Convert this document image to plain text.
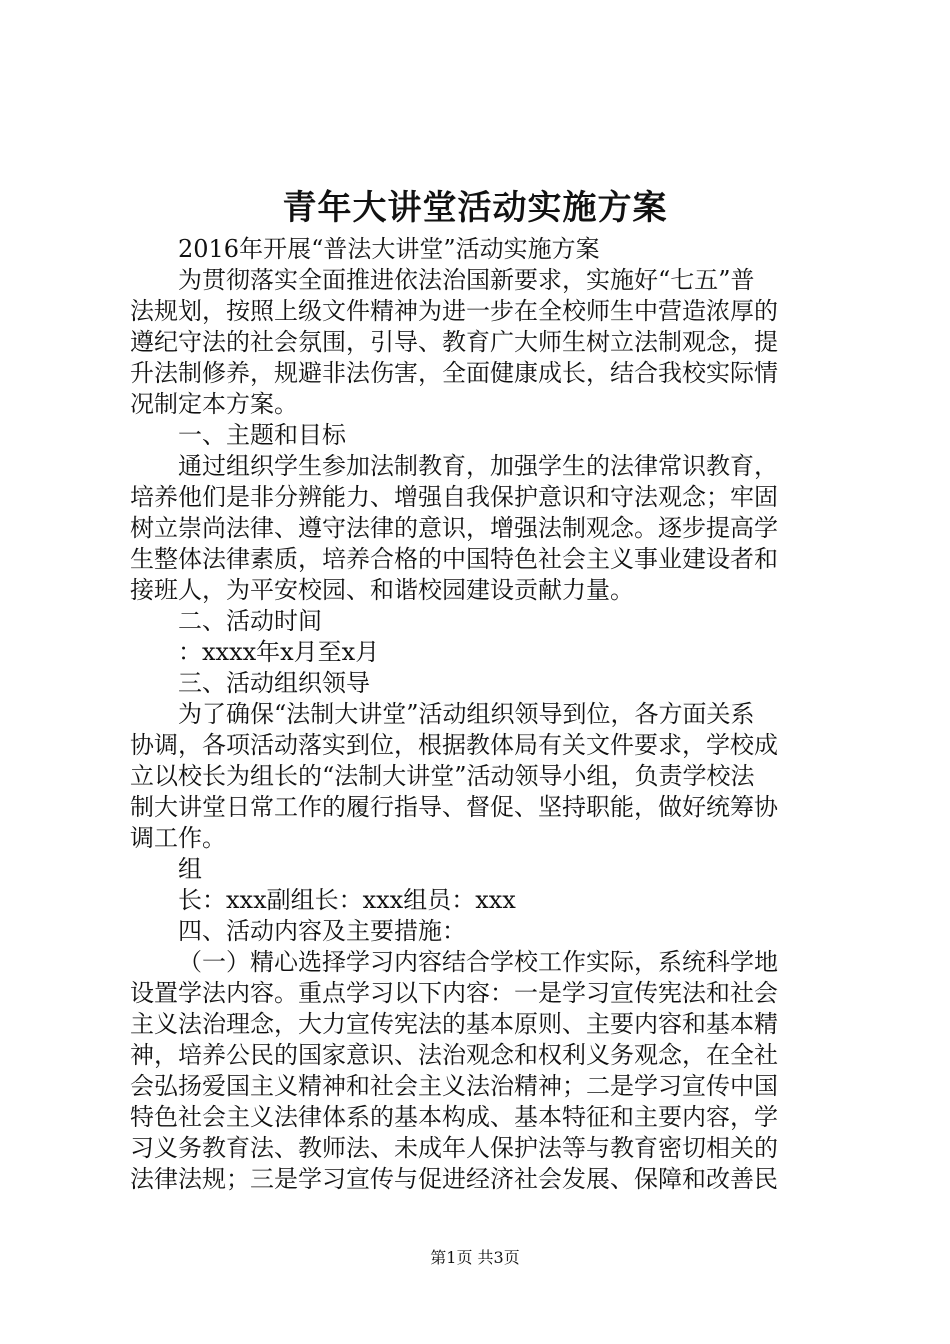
青年大讲堂活动实施方案
2016年开展“普法大讲堂”活动实施方案
为贯彻落实全面推进依法治国新要求，实施好“七五”普
法规划，按照上级文件精神为进一步在全校师生中营造浓厚的
遵纪守法的社会氛围，引导、教育广大师生树立法制观念，提
升法制修养，规避非法伤害，全面健康成长，结合我校实际情
况制定本方案。
一、主题和目标
通过组织学生参加法制教育，加强学生的法律常识教育，
培养他们是非分辨能力、增强自我保护意识和守法观念；牢固
树立崇尚法律、遵守法律的意识，增强法制观念。逐步提高学
生整体法律素质，培养合格的中国特色社会主义事业建设者和
接班人，为平安校园、和谐校园建设贡献力量。
二、活动时间
：xxxx年x月至x月
三、活动组织领导
为了确保“法制大讲堂”活动组织领导到位，各方面关系
协调，各项活动落实到位，根据教体局有关文件要求，学校成
立以校长为组长的“法制大讲堂”活动领导小组，负责学校法
制大讲堂日常工作的履行指导、督促、坚持职能，做好统筹协
调工作。
组
长：xxx副组长：xxx组员：xxx
四、活动内容及主要措施：
（一）精心选择学习内容结合学校工作实际，系统科学地
设置学法内容。重点学习以下内容：一是学习宣传宪法和社会
主义法治理念，大力宣传宪法的基本原则、主要内容和基本精
神，培养公民的国家意识、法治观念和权利义务观念，在全社
会弘扬爱国主义精神和社会主义法治精神；二是学习宣传中国
特色社会主义法律体系的基本构成、基本特征和主要内容，学
习义务教育法、教师法、未成年人保护法等与教育密切相关的
法律法规；三是学习宣传与促进经济社会发展、保障和改善民
第1页 共3页
